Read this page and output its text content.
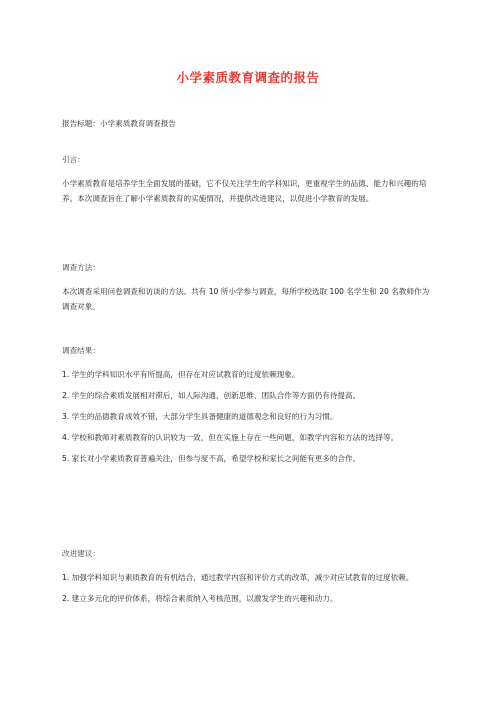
小学素质教育调查的报告

报告标题：小学素质教育调查报告

引言：

小学素质教育是培养学生全面发展的基础，它不仅关注学生的学科知识，更重视学生的品德、能力和兴趣的培养。本次调查旨在了解小学素质教育的实施情况，并提供改进建议，以促进小学教育的发展。

调查方法：

本次调查采用问卷调查和访谈的方法。共有 10 所小学参与调查，每所学校选取 100 名学生和 20 名教师作为调查对象。

调查结果：

1. 学生的学科知识水平有所提高，但存在对应试教育的过度依赖现象。

2. 学生的综合素质发展相对滞后，如人际沟通、创新思维、团队合作等方面仍有待提高。

3. 学生的品德教育成效不错，大部分学生具备健康的道德观念和良好的行为习惯。

4. 学校和教师对素质教育的认识较为一致，但在实施上存在一些问题，如教学内容和方法的选择等。

5. 家长对小学素质教育普遍关注，但参与度不高，希望学校和家长之间能有更多的合作。

改进建议：

1. 加强学科知识与素质教育的有机结合，通过教学内容和评价方式的改革，减少对应试教育的过度依赖。

2. 建立多元化的评价体系，将综合素质纳入考核范围，以激发学生的兴趣和动力。
